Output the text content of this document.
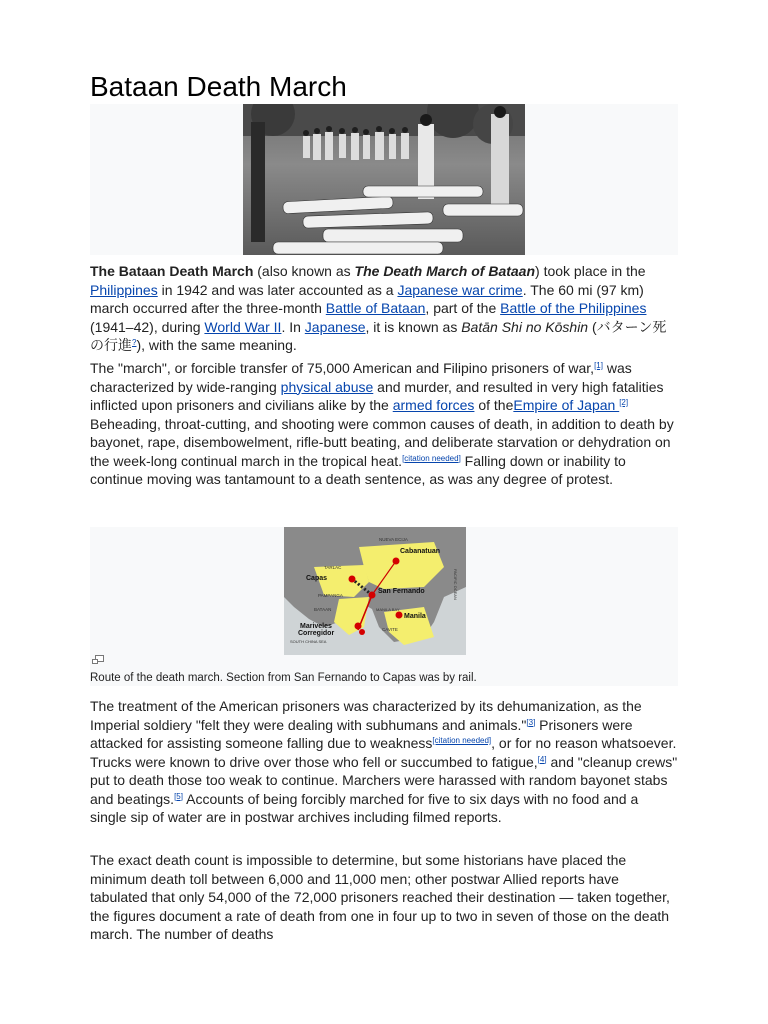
Bataan Death March

The Bataan Death March (also known as The Death March of Bataan) took place in the Philippines in 1942 and was later accounted as a Japanese war crime. The 60 mi (97 km) march occurred after the three-month Battle of Bataan, part of the Battle of the Philippines (1941–42), during World War II. In Japanese, it is known as Batān Shi no Kōshin (バターン死の行進?), with the same meaning.

The "march", or forcible transfer of 75,000 American and Filipino prisoners of war,[1] was characterized by wide-ranging physical abuse and murder, and resulted in very high fatalities inflicted upon prisoners and civilians alike by the armed forces of theEmpire of Japan [2] Beheading, throat-cutting, and shooting were common causes of death, in addition to death by bayonet, rape, disembowelment, rifle-butt beating, and deliberate starvation or dehydration on the week-long continual march in the tropical heat.[citation needed] Falling down or inability to continue moving was tantamount to a death sentence, as was any degree of protest.

NUEVA ECIJA
Cabanatuan
TARLAC
Capas
San Fernando
PAMPANGA
BATAAN	MANILA BAY
Manila
Mariveles
Corregidor
CAVITE
SOUTH CHINA SEA
PACIFIC OCEAN
Route of the death march. Section from San Fernando to Capas was by rail.

The treatment of the American prisoners was characterized by its dehumanization, as the Imperial soldiery "felt they were dealing with subhumans and animals."[3] Prisoners were attacked for assisting someone falling due to weakness[citation needed], or for no reason whatsoever. Trucks were known to drive over those who fell or succumbed to fatigue,[4] and "cleanup crews" put to death those too weak to continue. Marchers were harassed with random bayonet stabs and beatings.[5] Accounts of being forcibly marched for five to six days with no food and a single sip of water are in postwar archives including filmed reports.

The exact death count is impossible to determine, but some historians have placed the minimum death toll between 6,000 and 11,000 men; other postwar Allied reports have tabulated that only 54,000 of the 72,000 prisoners reached their destination — taken together, the figures document a rate of death from one in four up to two in seven of those on the death march. The number of deaths
